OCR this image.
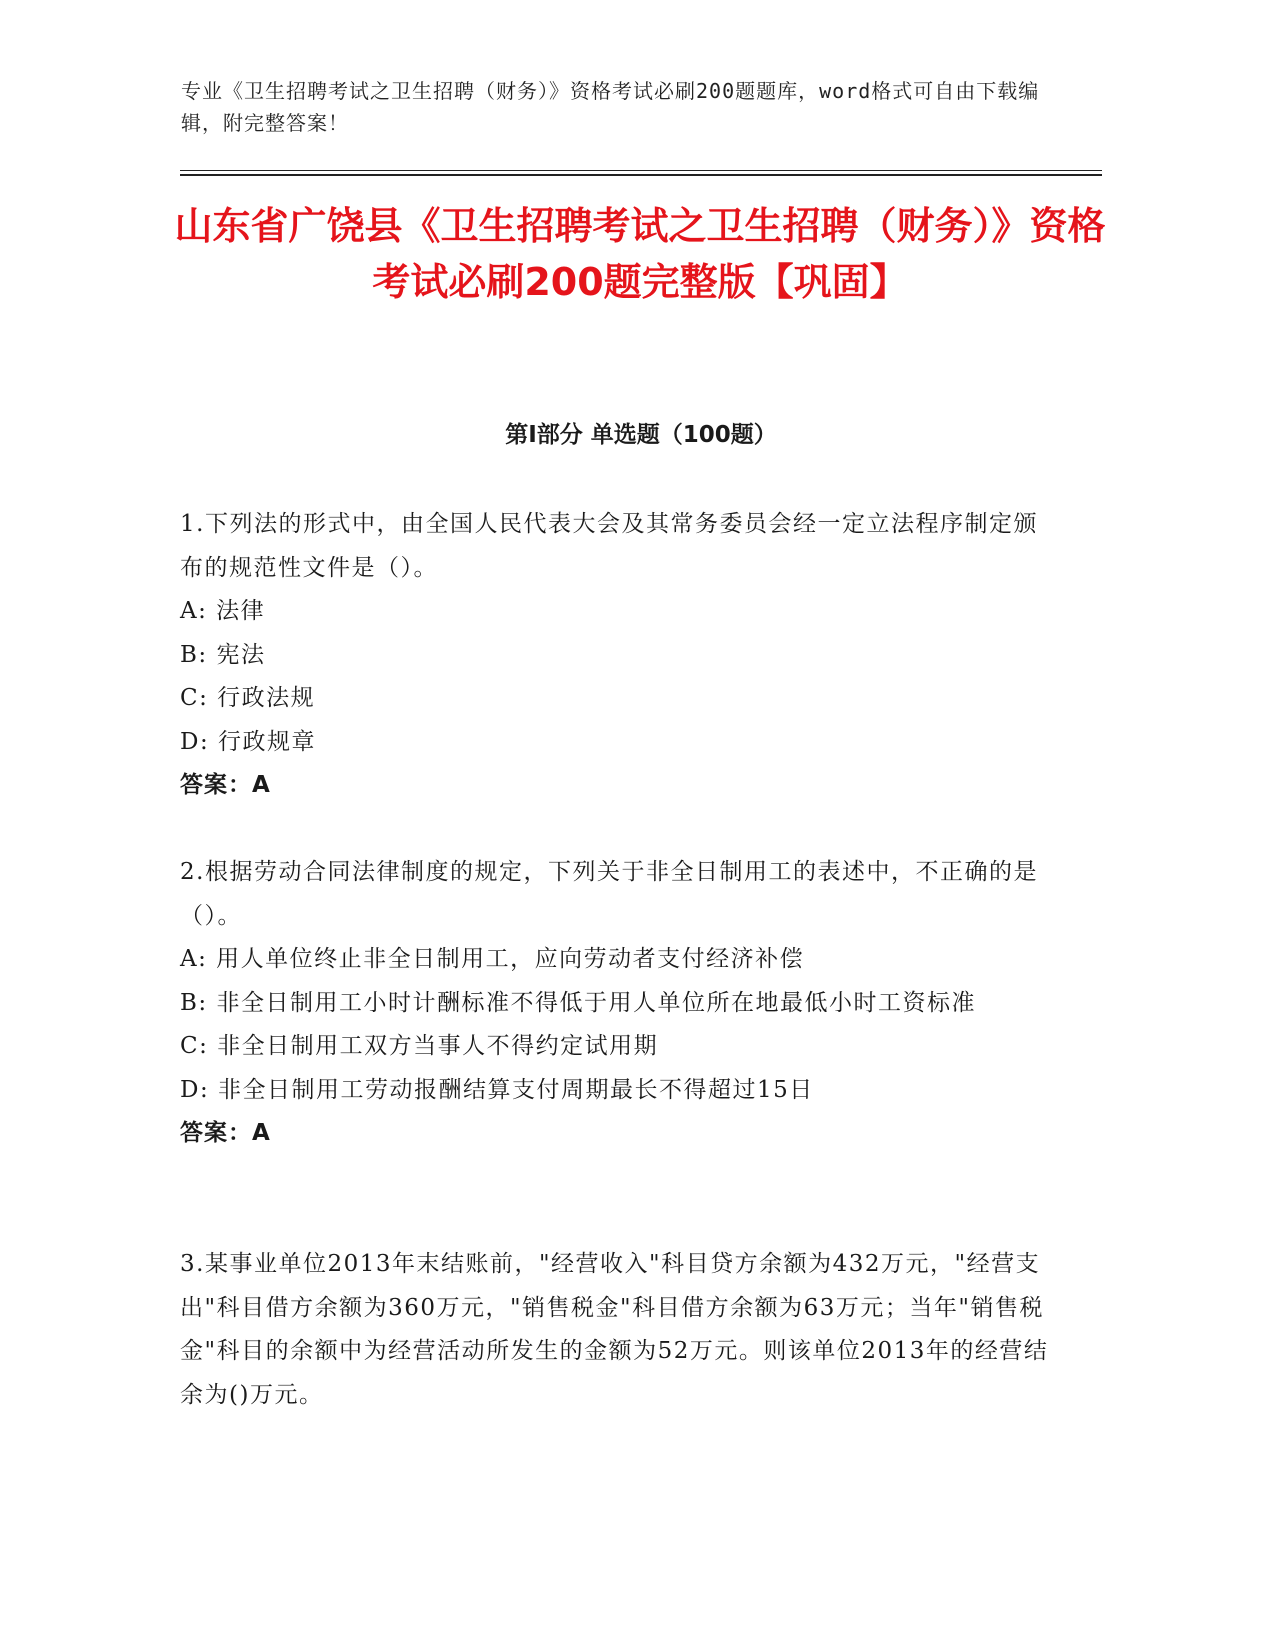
专业《卫生招聘考试之卫生招聘（财务）》资格考试必刷200题题库，word格式可自由下载编辑，附完整答案！
山东省广饶县《卫生招聘考试之卫生招聘（财务）》资格考试必刷200题完整版【巩固】
第Ⅰ部分 单选题（100题）

1.下列法的形式中，由全国人民代表大会及其常务委员会经一定立法程序制定颁布的规范性文件是（）。

A: 法律

B: 宪法

C: 行政法规

D: 行政规章

答案：A

2.根据劳动合同法律制度的规定，下列关于非全日制用工的表述中，不正确的是（）。

A: 用人单位终止非全日制用工，应向劳动者支付经济补偿

B: 非全日制用工小时计酬标准不得低于用人单位所在地最低小时工资标准

C: 非全日制用工双方当事人不得约定试用期

D: 非全日制用工劳动报酬结算支付周期最长不得超过15日

答案：A

3.某事业单位2013年末结账前，"经营收入"科目贷方余额为432万元，"经营支出"科目借方余额为360万元，"销售税金"科目借方余额为63万元；当年"销售税金"科目的余额中为经营活动所发生的金额为52万元。则该单位2013年的经营结余为()万元。
